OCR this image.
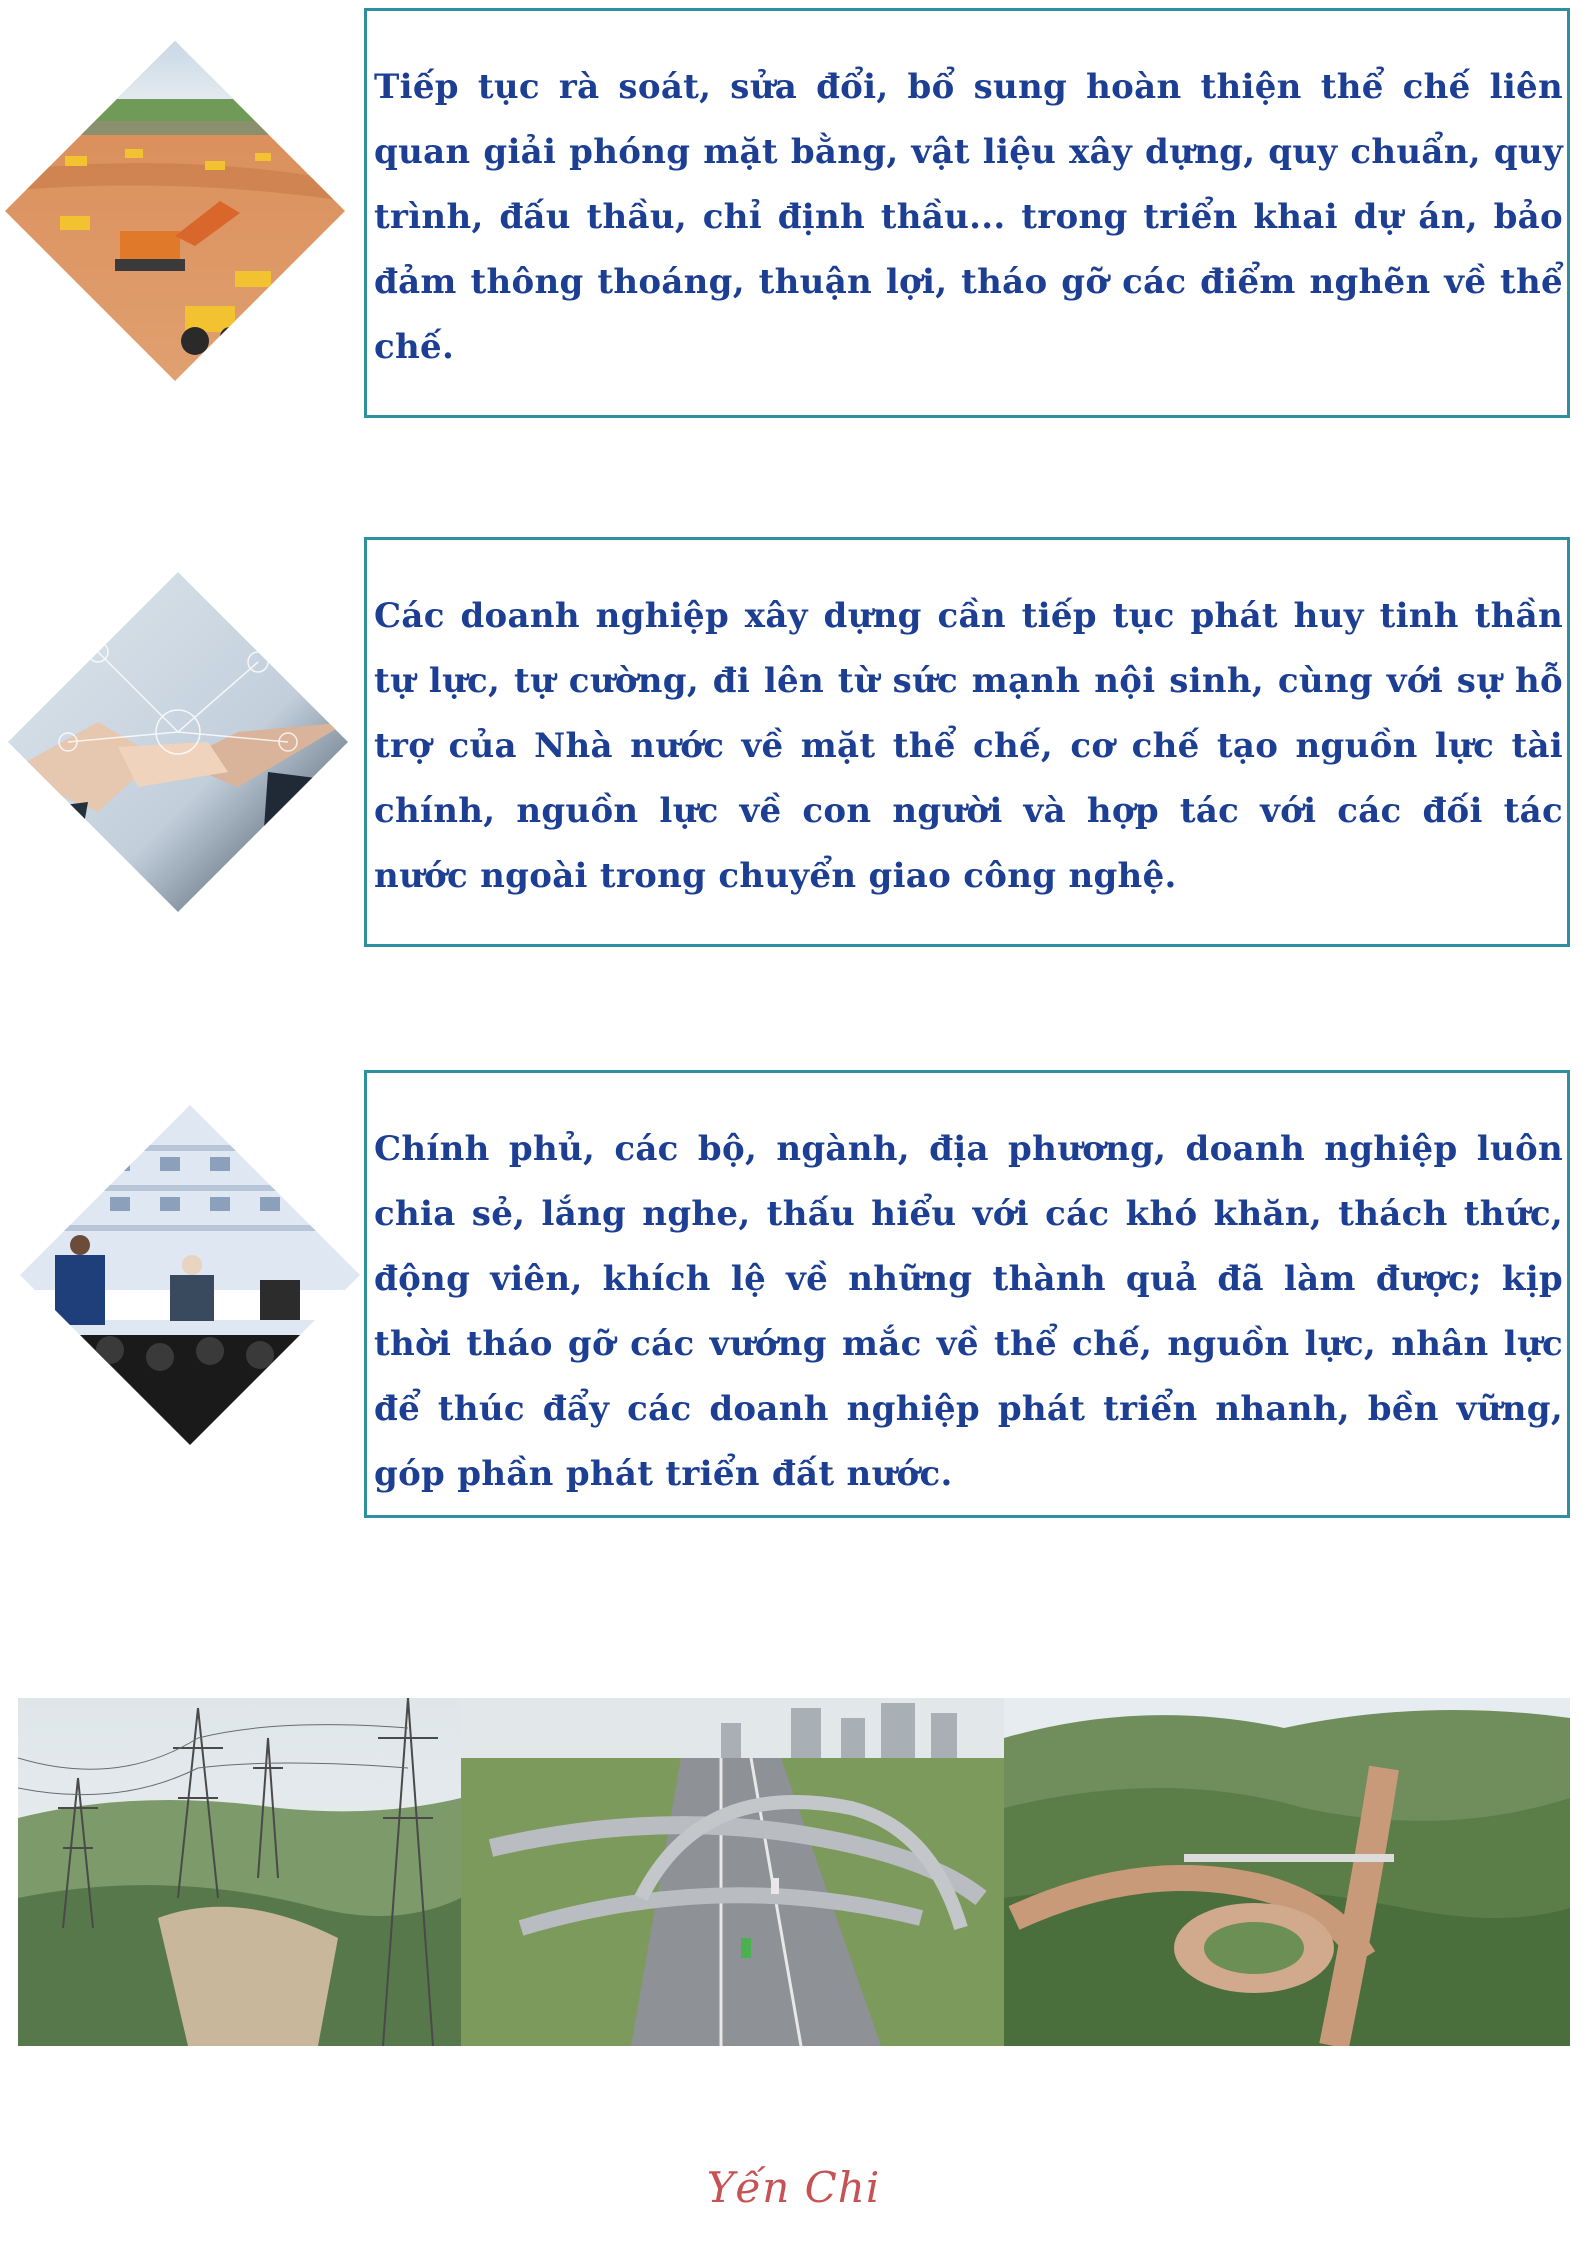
Tiếp tục rà soát, sửa đổi, bổ sung hoàn thiện thể chế liên quan giải phóng mặt bằng, vật liệu xây dựng, quy chuẩn, quy trình, đấu thầu, chỉ định thầu... trong triển khai dự án, bảo đảm thông thoáng, thuận lợi, tháo gỡ các điểm nghẽn về thể chế.

Các doanh nghiệp xây dựng cần tiếp tục phát huy tinh thần tự lực, tự cường, đi lên từ sức mạnh nội sinh, cùng với sự hỗ trợ của Nhà nước về mặt thể chế, cơ chế tạo nguồn lực tài chính, nguồn lực về con người và hợp tác với các đối tác nước ngoài trong chuyển giao công nghệ.

Chính phủ, các bộ, ngành, địa phương, doanh nghiệp luôn chia sẻ, lắng nghe, thấu hiểu với các khó khăn, thách thức, động viên, khích lệ về những thành quả đã làm được; kịp thời tháo gỡ các vướng mắc về thể chế, nguồn lực, nhân lực để thúc đẩy các doanh nghiệp phát triển nhanh, bền vững, góp phần phát triển đất nước.

Yến Chi
